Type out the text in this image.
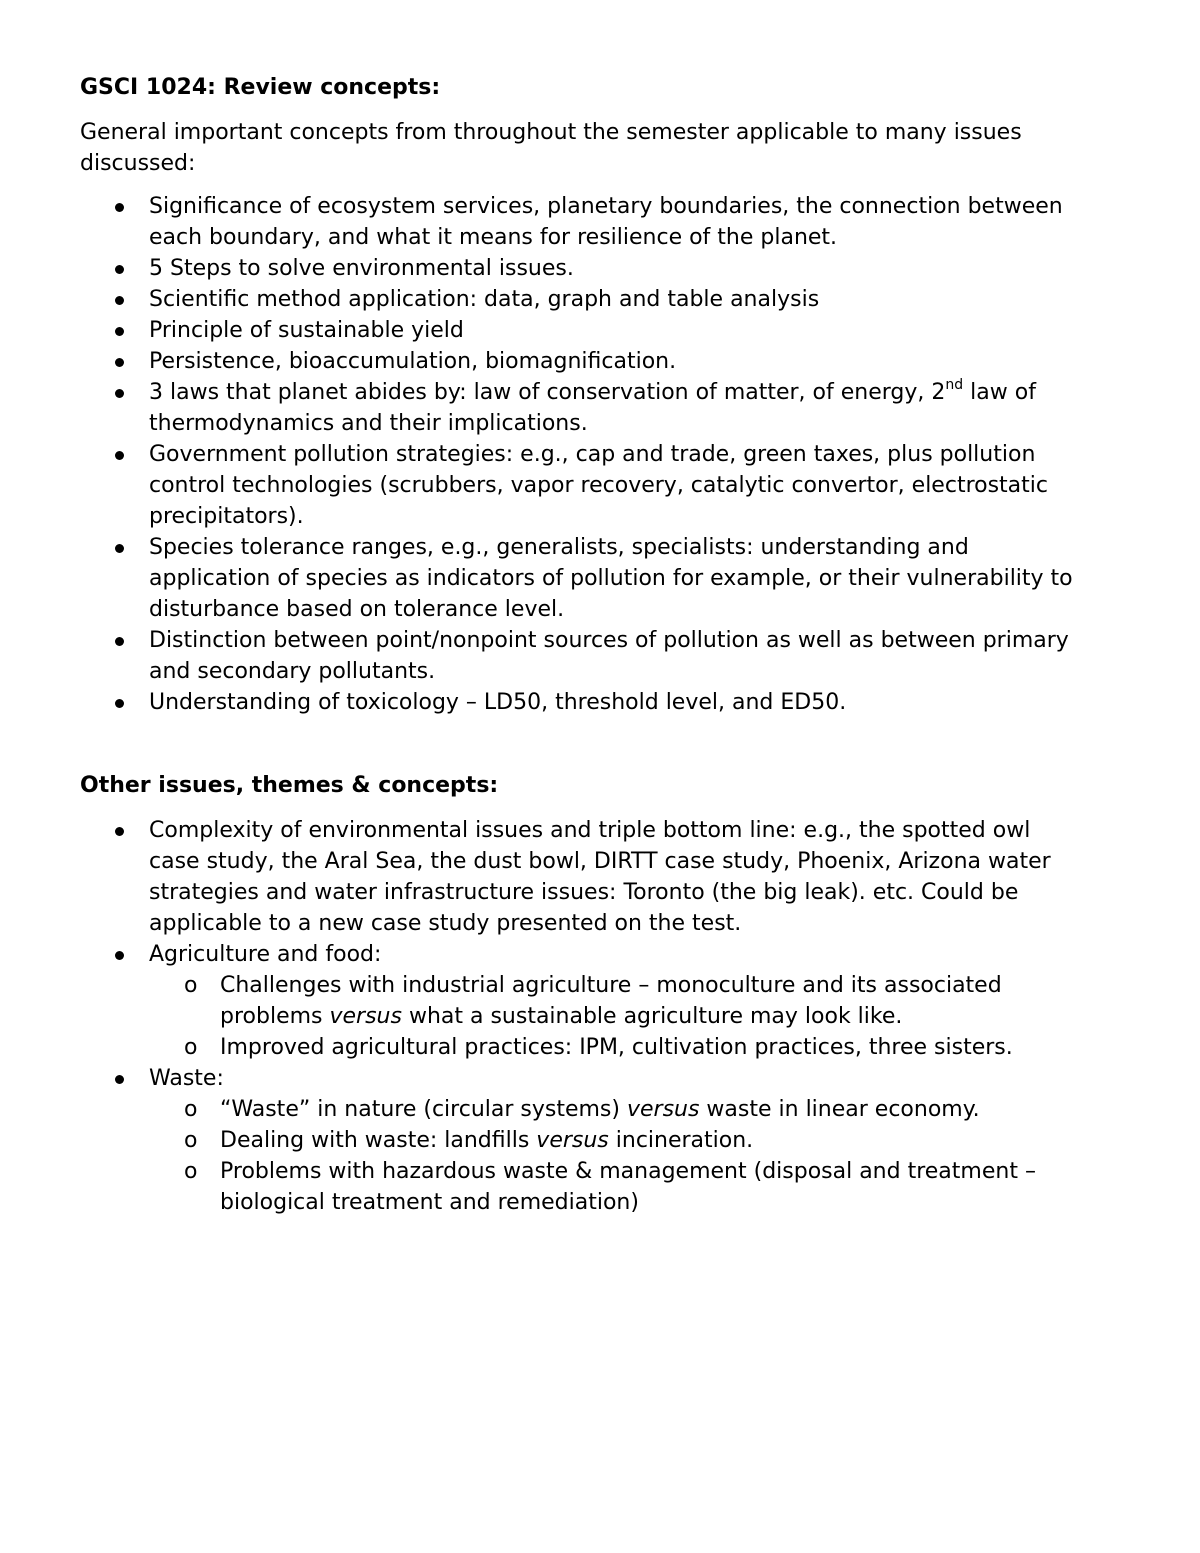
GSCI 1024: Review concepts:

General important concepts from throughout the semester applicable to many issues discussed:

Significance of ecosystem services, planetary boundaries, the connection between each boundary, and what it means for resilience of the planet.
5 Steps to solve environmental issues.
Scientific method application: data, graph and table analysis
Principle of sustainable yield
Persistence, bioaccumulation, biomagnification.
3 laws that planet abides by: law of conservation of matter, of energy, 2nd law of thermodynamics and their implications.
Government pollution strategies: e.g., cap and trade, green taxes, plus pollution control technologies (scrubbers, vapor recovery, catalytic convertor, electrostatic precipitators).
Species tolerance ranges, e.g., generalists, specialists: understanding and application of species as indicators of pollution for example, or their vulnerability to disturbance based on tolerance level.
Distinction between point/nonpoint sources of pollution as well as between primary and secondary pollutants.
Understanding of toxicology – LD50, threshold level, and ED50.
Other issues, themes & concepts:
Complexity of environmental issues and triple bottom line: e.g., the spotted owl case study, the Aral Sea, the dust bowl, DIRTT case study, Phoenix, Arizona water strategies and water infrastructure issues: Toronto (the big leak). etc. Could be applicable to a new case study presented on the test.
Agriculture and food:
o Challenges with industrial agriculture – monoculture and its associated problems versus what a sustainable agriculture may look like.
o Improved agricultural practices: IPM, cultivation practices, three sisters.
Waste:
o “Waste” in nature (circular systems) versus waste in linear economy.
o Dealing with waste: landfills versus incineration.
o Problems with hazardous waste & management (disposal and treatment – biological treatment and remediation)
